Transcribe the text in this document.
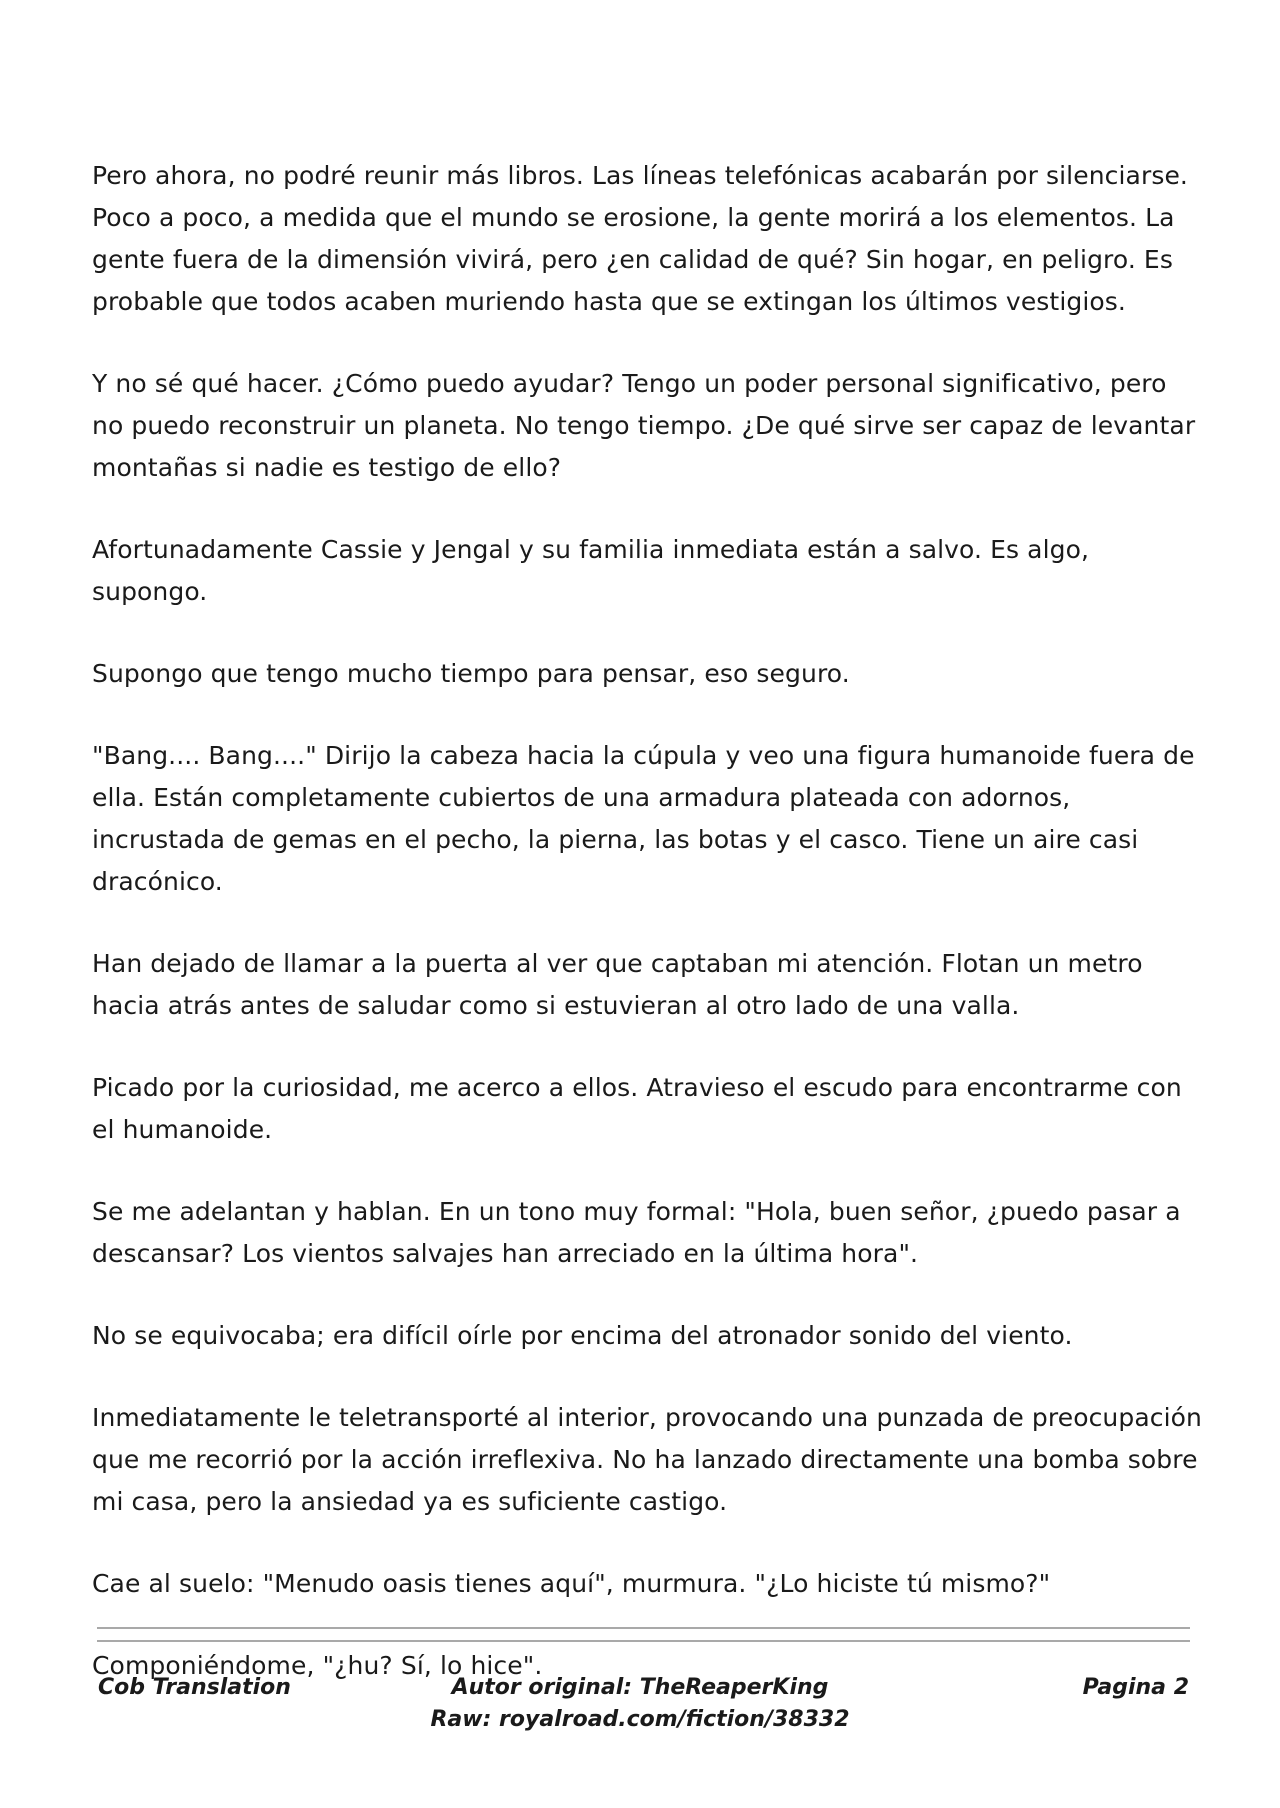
Pero ahora, no podré reunir más libros. Las líneas telefónicas acabarán por silenciarse. Poco a poco, a medida que el mundo se erosione, la gente morirá a los elementos. La gente fuera de la dimensión vivirá, pero ¿en calidad de qué? Sin hogar, en peligro. Es probable que todos acaben muriendo hasta que se extingan los últimos vestigios.

Y no sé qué hacer. ¿Cómo puedo ayudar? Tengo un poder personal significativo, pero no puedo reconstruir un planeta. No tengo tiempo. ¿De qué sirve ser capaz de levantar montañas si nadie es testigo de ello?

Afortunadamente Cassie y Jengal y su familia inmediata están a salvo. Es algo, supongo.

Supongo que tengo mucho tiempo para pensar, eso seguro.

"Bang.... Bang...." Dirijo la cabeza hacia la cúpula y veo una figura humanoide fuera de ella. Están completamente cubiertos de una armadura plateada con adornos, incrustada de gemas en el pecho, la pierna, las botas y el casco. Tiene un aire casi dracónico.

Han dejado de llamar a la puerta al ver que captaban mi atención. Flotan un metro hacia atrás antes de saludar como si estuvieran al otro lado de una valla.

Picado por la curiosidad, me acerco a ellos. Atravieso el escudo para encontrarme con el humanoide.

Se me adelantan y hablan. En un tono muy formal: "Hola, buen señor, ¿puedo pasar a descansar? Los vientos salvajes han arreciado en la última hora".

No se equivocaba; era difícil oírle por encima del atronador sonido del viento.

Inmediatamente le teletransporté al interior, provocando una punzada de preocupación que me recorrió por la acción irreflexiva. No ha lanzado directamente una bomba sobre mi casa, pero la ansiedad ya es suficiente castigo.

Cae al suelo: "Menudo oasis tienes aquí", murmura. "¿Lo hiciste tú mismo?"

Componiéndome, "¿hu? Sí, lo hice".

Cob Translation	Autor original: TheReaperKing
Raw: royalroad.com/fiction/38332
Pagina 2
